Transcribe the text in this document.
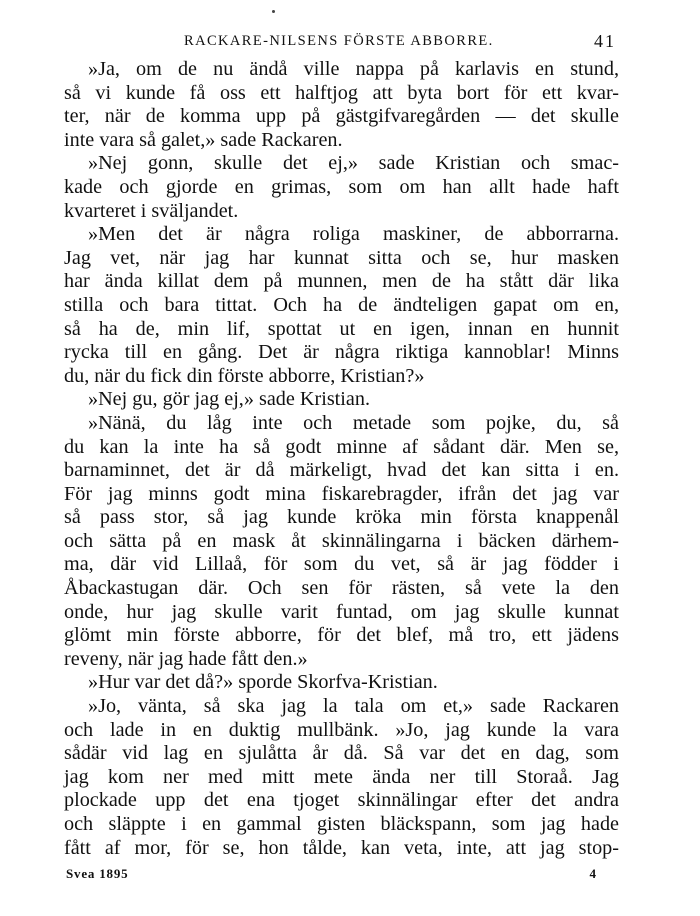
RACKARE-NILSENS FÖRSTE ABBORRE.	41
»Ja, om de nu ändå ville nappa på karlavis en stund,
så vi kunde få oss ett halftjog att byta bort för ett kvar-
ter, när de komma upp på gästgifvaregården — det skulle
inte vara så galet,» sade Rackaren.
»Nej gonn, skulle det ej,» sade Kristian och smac-
kade och gjorde en grimas, som om han allt hade haft
kvarteret i sväljandet.
»Men det är några roliga maskiner, de abborrarna.
Jag vet, när jag har kunnat sitta och se, hur masken
har ända killat dem på munnen, men de ha stått där lika
stilla och bara tittat. Och ha de ändteligen gapat om en,
så ha de, min lif, spottat ut en igen, innan en hunnit
rycka till en gång. Det är några riktiga kannoblar! Minns
du, när du fick din förste abborre, Kristian?»
»Nej gu, gör jag ej,» sade Kristian.
»Nänä, du låg inte och metade som pojke, du, så
du kan la inte ha så godt minne af sådant där. Men se,
barnaminnet, det är då märkeligt, hvad det kan sitta i en.
För jag minns godt mina fiskarebragder, ifrån det jag var
så pass stor, så jag kunde kröka min första knappenål
och sätta på en mask åt skinnälingarna i bäcken därhem-
ma, där vid Lillaå, för som du vet, så är jag födder i
Åbackastugan där. Och sen för rästen, så vete la den
onde, hur jag skulle varit funtad, om jag skulle kunnat
glömt min förste abborre, för det blef, må tro, ett jädens
reveny, när jag hade fått den.»
»Hur var det då?» sporde Skorfva-Kristian.
»Jo, vänta, så ska jag la tala om et,» sade Rackaren
och lade in en duktig mullbänk. »Jo, jag kunde la vara
sådär vid lag en sjulåtta år då. Så var det en dag, som
jag kom ner med mitt mete ända ner till Storaå. Jag
plockade upp det ena tjoget skinnälingar efter det andra
och släppte i en gammal gisten bläckspann, som jag hade
fått af mor, för se, hon tålde, kan veta, inte, att jag stop-
Svea 1895	4
